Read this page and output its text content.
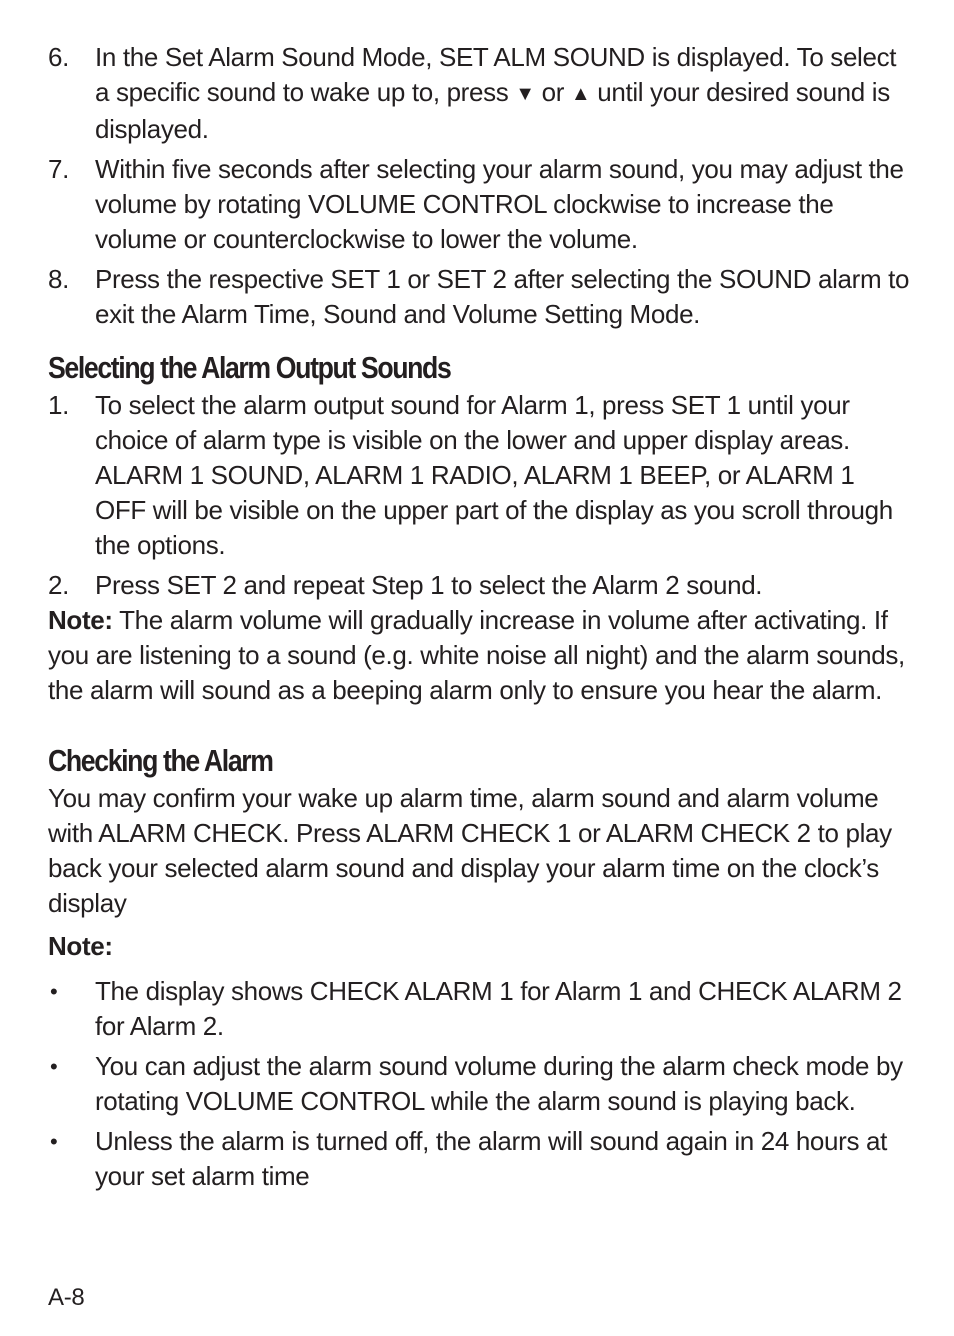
6.	In the Set Alarm Sound Mode, SET ALM SOUND is displayed. To select a specific sound to wake up to, press ▼ or ▲ until your desired sound is displayed.
7.	Within five seconds after selecting your alarm sound, you may adjust the volume by rotating VOLUME CONTROL clockwise to increase the volume or counterclockwise to lower the volume.
8.	Press the respective SET 1 or SET 2 after selecting the SOUND alarm to exit the Alarm Time, Sound and Volume Setting Mode.
Selecting the Alarm Output Sounds
1.	To select the alarm output sound for Alarm 1, press SET 1 until your choice of alarm type is visible on the lower and upper display areas. ALARM 1 SOUND, ALARM 1 RADIO, ALARM 1 BEEP, or ALARM 1 OFF will be visible on the upper part of the display as you scroll through the options.
2.	Press SET 2 and repeat Step 1 to select the Alarm 2 sound.

Note: The alarm volume will gradually increase in volume after activating. If you are listening to a sound (e.g. white noise all night) and the alarm sounds, the alarm will sound as a beeping alarm only to ensure you hear the alarm.

Checking the Alarm

You may confirm your wake up alarm time, alarm sound and alarm volume with ALARM CHECK. Press ALARM CHECK 1 or ALARM CHECK 2 to play back your selected alarm sound and display your alarm time on the clock’s display

Note:
•	The display shows CHECK ALARM 1 for Alarm 1 and CHECK ALARM 2 for Alarm 2.
•	You can adjust the alarm sound volume during the alarm check mode by rotating VOLUME CONTROL while the alarm sound is playing back.
•	Unless the alarm is turned off, the alarm will sound again in 24 hours at your set alarm time
A-8
